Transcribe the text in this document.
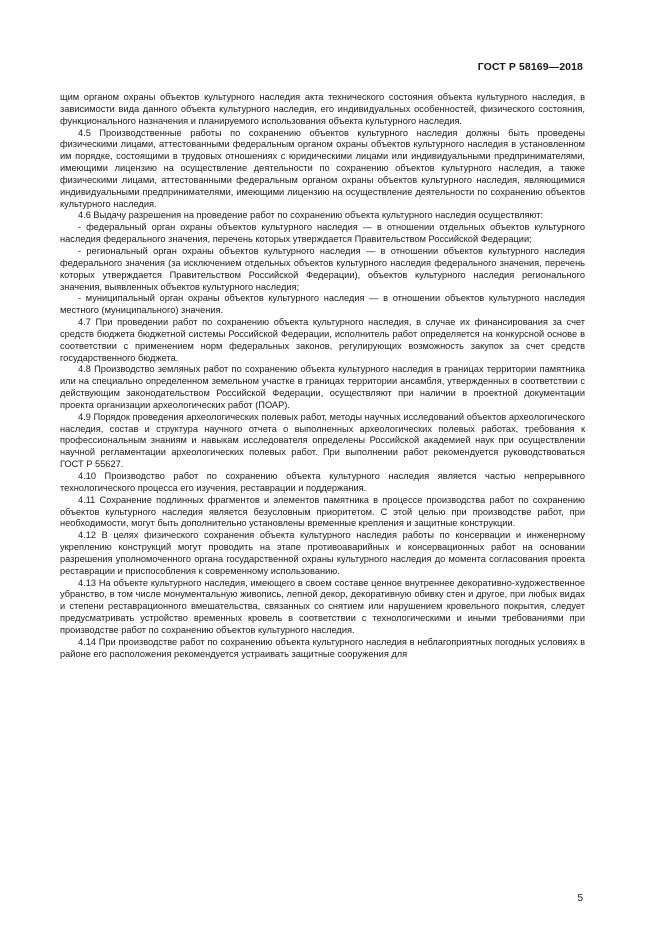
ГОСТ Р 58169—2018

щим органом охраны объектов культурного наследия акта технического состояния объекта культурного наследия, в зависимости вида данного объекта культурного наследия, его индивидуальных особенностей, физического состояния, функционального назначения и планируемого использования объекта культурного наследия.

4.5 Производственные работы по сохранению объектов культурного наследия должны быть проведены физическими лицами, аттестованными федеральным органом охраны объектов культурного наследия в установленном им порядке, состоящими в трудовых отношениях с юридическими лицами или индивидуальными предпринимателями, имеющими лицензию на осуществление деятельности по сохранению объектов культурного наследия, а также физическими лицами, аттестованными федеральным органом охраны объектов культурного наследия, являющимися индивидуальными предпринимателями, имеющими лицензию на осуществление деятельности по сохранению объектов культурного наследия.

4.6 Выдачу разрешения на проведение работ по сохранению объекта культурного наследия осуществляют:

- федеральный орган охраны объектов культурного наследия — в отношении отдельных объектов культурного наследия федерального значения, перечень которых утверждается Правительством Российской Федерации;

- региональный орган охраны объектов культурного наследия — в отношении объектов культурного наследия федерального значения (за исключением отдельных объектов культурного наследия федерального значения, перечень которых утверждается Правительством Российской Федерации), объектов культурного наследия регионального значения, выявленных объектов культурного наследия;

- муниципальный орган охраны объектов культурного наследия — в отношении объектов культурного наследия местного (муниципального) значения.

4.7 При проведении работ по сохранению объекта культурного наследия, в случае их финансирования за счет средств бюджета бюджетной системы Российской Федерации, исполнитель работ определяется на конкурсной основе в соответствии с применением норм федеральных законов, регулирующих возможность закупок за счет средств государственного бюджета.

4.8 Производство земляных работ по сохранению объекта культурного наследия в границах территории памятника или на специально определенном земельном участке в границах территории ансамбля, утвержденных в соответствии с действующим законодательством Российской Федерации, осуществляют при наличии в проектной документации проекта организации археологических работ (ПОАР).

4.9 Порядок проведения археологических полевых работ, методы научных исследований объектов археологического наследия, состав и структура научного отчета о выполненных археологических полевых работах, требования к профессиональным знаниям и навыкам исследователя определены Российской академией наук при осуществлении научной регламентации археологических полевых работ. При выполнении работ рекомендуется руководствоваться ГОСТ Р 55627.

4.10 Производство работ по сохранению объекта культурного наследия является частью непрерывного технологического процесса его изучения, реставрации и поддержания.

4.11 Сохранение подлинных фрагментов и элементов памятника в процессе производства работ по сохранению объектов культурного наследия является безусловным приоритетом. С этой целью при производстве работ, при необходимости, могут быть дополнительно установлены временные крепления и защитные конструкции.

4.12 В целях физического сохранения объекта культурного наследия работы по консервации и инженерному укреплению конструкций могут проводить на этапе противоаварийных и консервационных работ на основании разрешения уполномоченного органа государственной охраны культурного наследия до момента согласования проекта реставрации и приспособления к современному использованию.

4.13 На объекте культурного наследия, имеющего в своем составе ценное внутреннее декоративно-художественное убранство, в том числе монументальную живопись, лепной декор, декоративную обивку стен и другое, при любых видах и степени реставрационного вмешательства, связанных со снятием или нарушением кровельного покрытия, следует предусматривать устройство временных кровель в соответствии с технологическими и иными требованиями при производстве работ по сохранению объектов культурного наследия.

4.14 При производстве работ по сохранению объекта культурного наследия в неблагоприятных погодных условиях в районе его расположения рекомендуется устраивать защитные сооружения для

5
